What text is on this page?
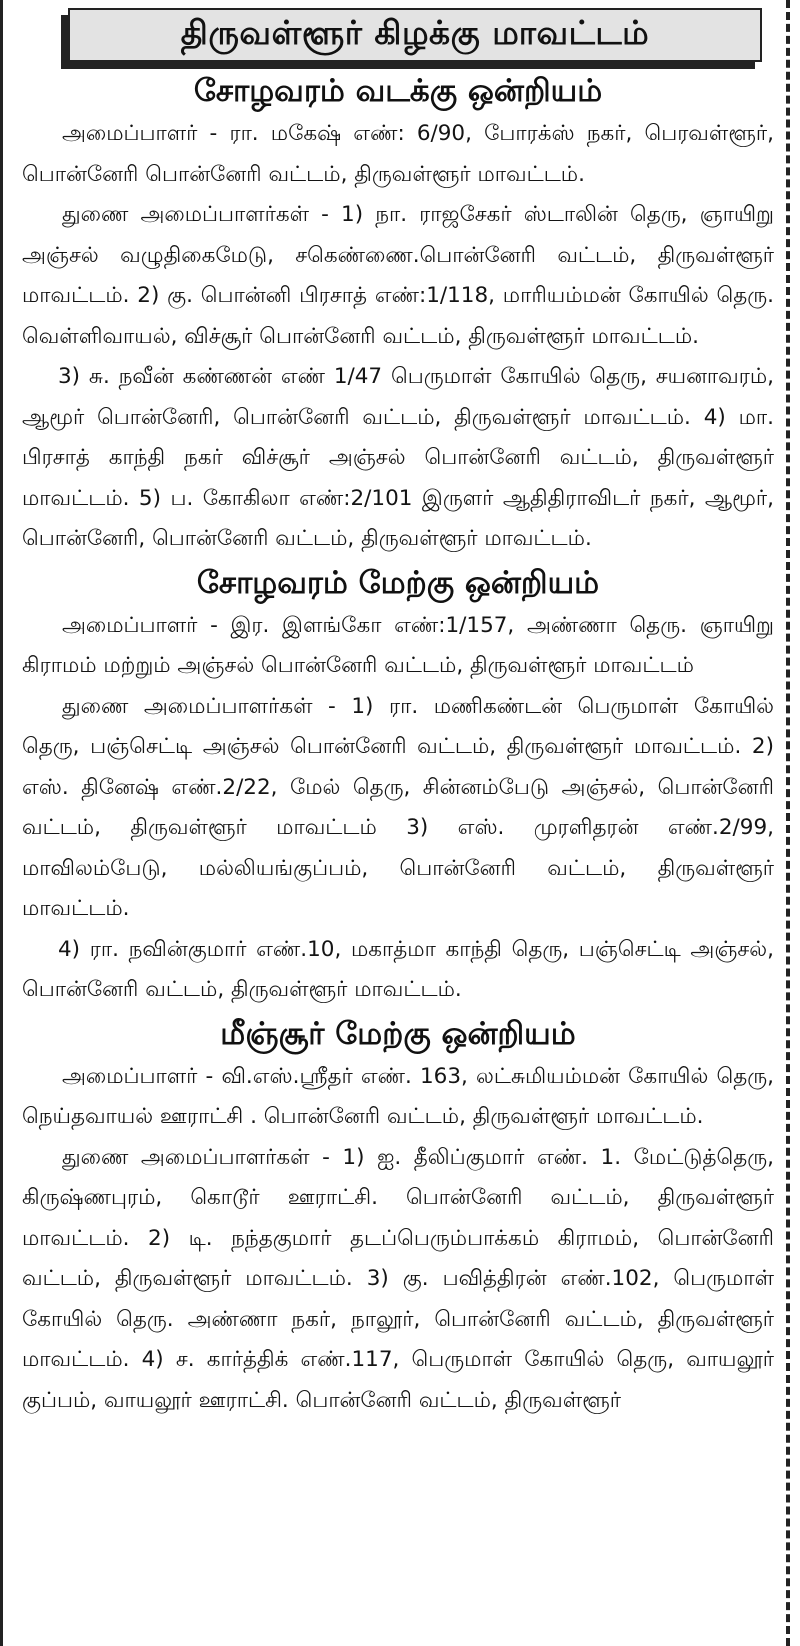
திருவள்ளூர் கிழக்கு மாவட்டம்
சோழவரம் வடக்கு ஒன்றியம்

அமைப்பாளர் - ரா. மகேஷ் எண்: 6/90, போரக்ஸ் நகர், பெரவள்ளூர், பொன்னேரி பொன்னேரி வட்டம், திருவள்ளூர் மாவட்டம்.

துணை அமைப்பாளர்கள் - 1) நா. ராஜசேகர் ஸ்டாலின் தெரு, ஞாயிறு அஞ்சல் வழுதிகைமேடு, சகெண்ணை.பொன்னேரி வட்டம், திருவள்ளூர் மாவட்டம். 2) கு. பொன்னி பிரசாத் எண்:1/118, மாரியம்மன் கோயில் தெரு. வெள்ளிவாயல், விச்சூர் பொன்னேரி வட்டம், திருவள்ளூர் மாவட்டம்.

3) சு. நவீன் கண்ணன் எண் 1/47 பெருமாள் கோயில் தெரு, சயனாவரம், ஆமூர் பொன்னேரி, பொன்னேரி வட்டம், திருவள்ளூர் மாவட்டம். 4) மா. பிரசாத் காந்தி நகர் விச்சூர் அஞ்சல் பொன்னேரி வட்டம், திருவள்ளூர் மாவட்டம். 5) ப. கோகிலா எண்:2/101 இருளர் ஆதிதிராவிடர் நகர், ஆமூர், பொன்னேரி, பொன்னேரி வட்டம், திருவள்ளூர் மாவட்டம்.

சோழவரம் மேற்கு ஒன்றியம்

அமைப்பாளர் - இர. இளங்கோ எண்:1/157, அண்ணா தெரு. ஞாயிறு கிராமம் மற்றும் அஞ்சல் பொன்னேரி வட்டம், திருவள்ளூர் மாவட்டம்

துணை அமைப்பாளர்கள் - 1) ரா. மணிகண்டன் பெருமாள் கோயில் தெரு, பஞ்செட்டி அஞ்சல் பொன்னேரி வட்டம், திருவள்ளூர் மாவட்டம். 2) எஸ். தினேஷ் எண்.2/22, மேல் தெரு, சின்னம்பேடு அஞ்சல், பொன்னேரி வட்டம், திருவள்ளூர் மாவட்டம் 3) எஸ். முரளிதரன் எண்.2/99, மாவிலம்பேடு, மல்லியங்குப்பம், பொன்னேரி வட்டம், திருவள்ளூர் மாவட்டம்.

4) ரா. நவின்குமார் எண்.10, மகாத்மா காந்தி தெரு, பஞ்செட்டி அஞ்சல், பொன்னேரி வட்டம், திருவள்ளூர் மாவட்டம்.

மீஞ்சூர் மேற்கு ஒன்றியம்

அமைப்பாளர் - வி.எஸ்.ஸ்ரீதர் எண். 163, லட்சுமியம்மன் கோயில் தெரு, நெய்தவாயல் ஊராட்சி . பொன்னேரி வட்டம், திருவள்ளூர் மாவட்டம்.

துணை அமைப்பாளர்கள் - 1) ஐ. தீலிப்குமார் எண். 1. மேட்டுத்தெரு, கிருஷ்ணபுரம், கொடூர் ஊராட்சி. பொன்னேரி வட்டம், திருவள்ளூர் மாவட்டம். 2) டி. நந்தகுமார் தடப்பெரும்பாக்கம் கிராமம், பொன்னேரி வட்டம், திருவள்ளூர் மாவட்டம். 3) கு. பவித்திரன் எண்.102, பெருமாள் கோயில் தெரு. அண்ணா நகர், நாலூர், பொன்னேரி வட்டம், திருவள்ளூர் மாவட்டம். 4) ச. கார்த்திக் எண்.117, பெருமாள் கோயில் தெரு, வாயலூர் குப்பம், வாயலூர் ஊராட்சி. பொன்னேரி வட்டம், திருவள்ளூர்
